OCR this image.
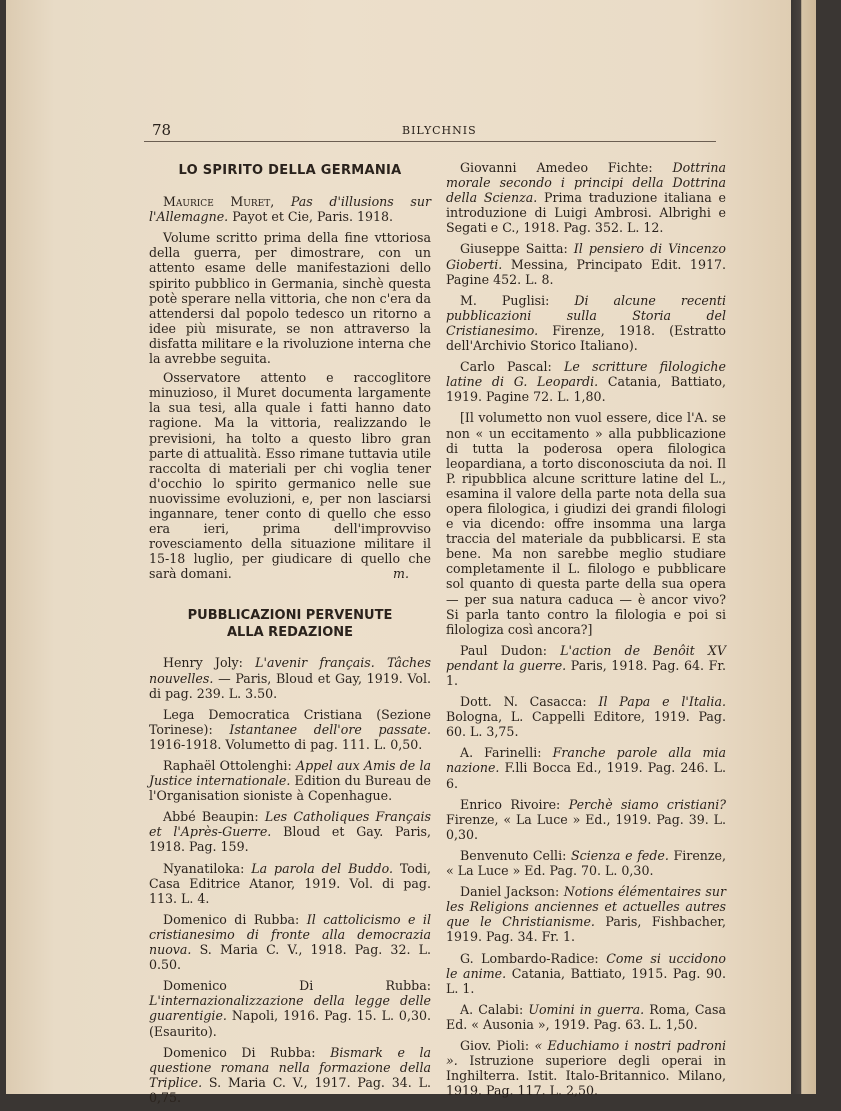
78	BILYCHNIS
LO SPIRITO DELLA GERMANIA
Maurice Muret, Pas d'illusions sur l'Allemagne. Payot et Cie, Paris. 1918.
Volume scritto prima della fine vttoriosa della guerra, per dimostrare, con un attento esame delle manifestazioni dello spirito pubblico in Germania, sinchè questa potè sperare nella vittoria, che non c'era da attendersi dal popolo tedesco un ritorno a idee più misurate, se non attraverso la disfatta militare e la rivoluzione interna che la avrebbe seguita.
Osservatore attento e raccoglitore minuzioso, il Muret documenta largamente la sua tesi, alla quale i fatti hanno dato ragione. Ma la vittoria, realizzando le previsioni, ha tolto a questo libro gran parte di attualità. Esso rimane tuttavia utile raccolta di materiali per chi voglia tener d'occhio lo spirito germanico nelle sue nuovissime evoluzioni, e, per non lasciarsi ingannare, tener conto di quello che esso era ieri, prima dell'improvviso rovesciamento della situazione militare il 15-18 luglio, per giudicare di quello che sarà domani.	m.
PUBBLICAZIONI PERVENUTE
ALLA REDAZIONE
Henry Joly: L'avenir français. Tâches nouvelles. — Paris, Bloud et Gay, 1919. Vol. di pag. 239. L. 3.50.
Lega Democratica Cristiana (Sezione Torinese): Istantanee dell'ore passate. 1916-1918. Volumetto di pag. 111. L. 0,50.
Raphaël Ottolenghi: Appel aux Amis de la Justice internationale. Edition du Bureau de l'Organisation sioniste à Copenhague.
Abbé Beaupin: Les Catholiques Français et l'Après-Guerre. Bloud et Gay. Paris, 1918. Pag. 159.
Nyanatiloka: La parola del Buddo. Todi, Casa Editrice Atanor, 1919. Vol. di pag. 113. L. 4.
Domenico di Rubba: Il cattolicismo e il cristianesimo di fronte alla democrazia nuova. S. Maria C. V., 1918. Pag. 32. L. 0.50.
Domenico Di Rubba: L'internazionalizzazione della legge delle guarentigie. Napoli, 1916. Pag. 15. L. 0,30. (Esaurito).
Domenico Di Rubba: Bismark e la questione romana nella formazione della Triplice. S. Maria C. V., 1917. Pag. 34. L. 0,75.
Giovanni Amedeo Fichte: Dottrina morale secondo i principi della Dottrina della Scienza. Prima traduzione italiana e introduzione di Luigi Ambrosi. Albrighi e Segati e C., 1918. Pag. 352. L. 12.
Giuseppe Saitta: Il pensiero di Vincenzo Gioberti. Messina, Principato Edit. 1917. Pagine 452. L. 8.
M. Puglisi: Di alcune recenti pubblicazioni sulla Storia del Cristianesimo. Firenze, 1918. (Estratto dell'Archivio Storico Italiano).
Carlo Pascal: Le scritture filologiche latine di G. Leopardi. Catania, Battiato, 1919. Pagine 72. L. 1,80.
[Il volumetto non vuol essere, dice l'A. se non « un eccitamento » alla pubblicazione di tutta la poderosa opera filologica leopardiana, a torto disconosciuta da noi. Il P. ripubblica alcune scritture latine del L., esamina il valore della parte nota della sua opera filologica, i giudizi dei grandi filologi e via dicendo: offre insomma una larga traccia del materiale da pubblicarsi. E sta bene. Ma non sarebbe meglio studiare completamente il L. filologo e pubblicare sol quanto di questa parte della sua opera — per sua natura caduca — è ancor vivo? Si parla tanto contro la filologia e poi si filologiza così ancora?]
Paul Dudon: L'action de Benôit XV pendant la guerre. Paris, 1918. Pag. 64. Fr. 1.
Dott. N. Casacca: Il Papa e l'Italia. Bologna, L. Cappelli Editore, 1919. Pag. 60. L. 3,75.
A. Farinelli: Franche parole alla mia nazione. F.lli Bocca Ed., 1919. Pag. 246. L. 6.
Enrico Rivoire: Perchè siamo cristiani? Firenze, « La Luce » Ed., 1919. Pag. 39. L. 0,30.
Benvenuto Celli: Scienza e fede. Firenze, « La Luce » Ed. Pag. 70. L. 0,30.
Daniel Jackson: Notions élémentaires sur les Religions anciennes et actuelles autres que le Christianisme. Paris, Fishbacher, 1919. Pag. 34. Fr. 1.
G. Lombardo-Radice: Come si uccidono le anime. Catania, Battiato, 1915. Pag. 90. L. 1.
A. Calabi: Uomini in guerra. Roma, Casa Ed. « Ausonia », 1919. Pag. 63. L. 1,50.
Giov. Pioli: « Educhiamo i nostri padroni ». Istruzione superiore degli operai in Inghilterra. Istit. Italo-Britannico. Milano, 1919. Pag. 117. L. 2,50.
